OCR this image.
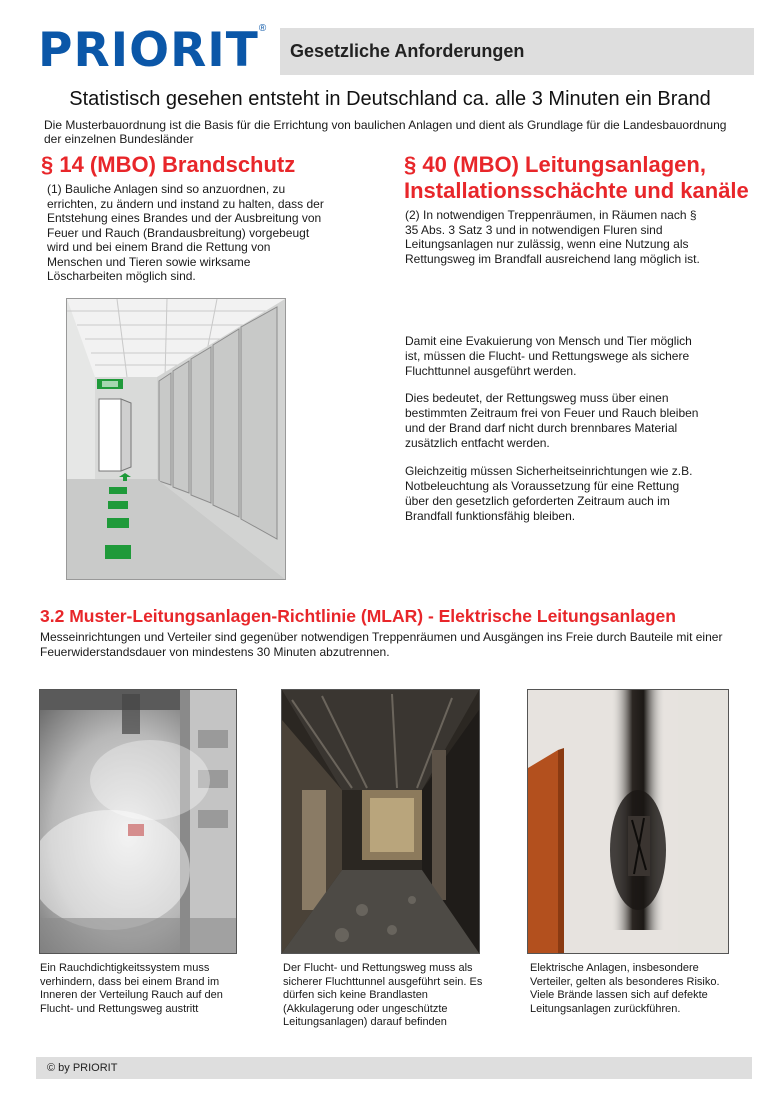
PRIORIT®
Gesetzliche Anforderungen
Statistisch gesehen entsteht in Deutschland ca. alle 3 Minuten ein Brand
Die Musterbauordnung ist die Basis für die Errichtung von baulichen Anlagen und dient als Grundlage für die Landesbauordnung der einzelnen Bundesländer
§ 14 (MBO) Brandschutz
(1) Bauliche Anlagen sind so anzuordnen, zu errichten, zu ändern und instand zu halten, dass der Entstehung eines Brandes und der Ausbreitung von Feuer und Rauch (Brandausbreitung) vorgebeugt wird und bei einem Brand die Rettung von Menschen und Tieren sowie wirksame Löscharbeiten möglich sind.
§ 40 (MBO) Leitungsanlagen, Installationsschächte und kanäle
(2) In notwendigen Treppenräumen, in Räumen nach § 35 Abs. 3 Satz 3 und in notwendigen Fluren sind Leitungsanlagen nur zulässig, wenn eine Nutzung als Rettungsweg im Brandfall ausreichend lang möglich ist.
Damit eine Evakuierung von Mensch und Tier möglich ist, müssen die Flucht- und Rettungswege als sichere Fluchttunnel ausgeführt werden.
Dies bedeutet, der Rettungsweg muss über einen bestimmten Zeitraum frei von Feuer und Rauch bleiben und der Brand darf nicht durch brennbares Material zusätzlich entfacht werden.
Gleichzeitig müssen Sicherheitseinrichtungen wie z.B. Notbeleuchtung als Voraussetzung für eine Rettung über den gesetzlich geforderten Zeitraum auch im Brandfall funktionsfähig bleiben.
3.2 Muster-Leitungsanlagen-Richtlinie (MLAR) - Elektrische Leitungsanlagen
Messeinrichtungen und Verteiler sind gegenüber notwendigen Treppenräumen und Ausgängen ins Freie durch Bauteile mit einer Feuerwiderstandsdauer von mindestens 30 Minuten abzutrennen.
Ein Rauchdichtigkeitssystem muss verhindern, dass bei einem Brand im Inneren der Verteilung Rauch auf den Flucht- und Rettungsweg austritt
Der Flucht- und Rettungsweg muss als sicherer Fluchttunnel ausgeführt sein. Es dürfen sich keine Brandlasten (Akkulagerung oder ungeschützte Leitungsanlagen) darauf befinden
Elektrische Anlagen, insbesondere Verteiler, gelten als besonderes Risiko. Viele Brände lassen sich auf defekte Leitungsanlagen zurückführen.
© by PRIORIT
